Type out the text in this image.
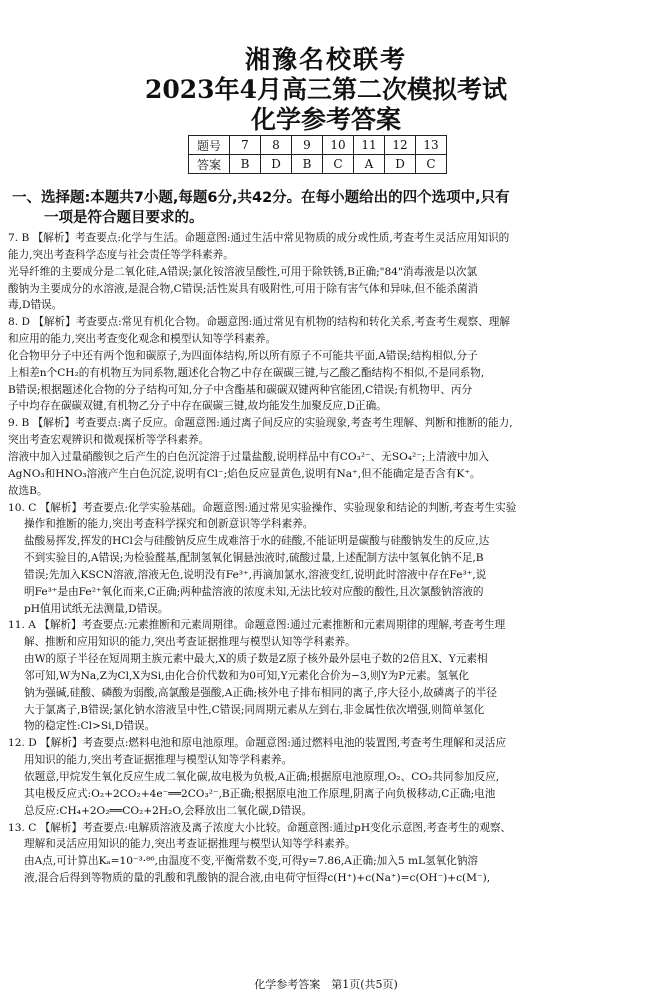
湘豫名校联考
2023年4月高三第二次模拟考试
化学参考答案
题号	7	8	9	10	11	12	13
答案	B	D	B	C	A	D	C
一、选择题:本题共7小题,每题6分,共42分。在每小题给出的四个选项中,只有
一项是符合题目要求的。
7. B 【解析】考查要点:化学与生活。命题意图:通过生活中常见物质的成分或性质,考查考生灵活应用知识的
能力,突出考查科学态度与社会责任等学科素养。
光导纤维的主要成分是二氧化硅,A错误;氯化铵溶液呈酸性,可用于除铁锈,B正确;"84"消毒液是以次氯
酸钠为主要成分的水溶液,是混合物,C错误;活性炭具有吸附性,可用于除有害气体和异味,但不能杀菌消
毒,D错误。
8. D 【解析】考查要点:常见有机化合物。命题意图:通过常见有机物的结构和转化关系,考查考生观察、理解
和应用的能力,突出考查变化观念和模型认知等学科素养。
化合物甲分子中还有两个饱和碳原子,为四面体结构,所以所有原子不可能共平面,A错误;结构相似,分子
上相差n个CH₂的有机物互为同系物,题述化合物乙中存在碳碳三键,与乙酸乙酯结构不相似,不是同系物,
B错误;根据题述化合物的分子结构可知,分子中含酯基和碳碳双键两种官能团,C错误;有机物甲、丙分
子中均存在碳碳双键,有机物乙分子中存在碳碳三键,故均能发生加聚反应,D正确。
9. B 【解析】考查要点:离子反应。命题意图:通过离子间反应的实验现象,考查考生理解、判断和推断的能力,
突出考查宏观辨识和微观探析等学科素养。
溶液中加入过量硝酸钡之后产生的白色沉淀溶于过量盐酸,说明样品中有CO₃²⁻、无SO₄²⁻;上清液中加入
AgNO₃和HNO₃溶液产生白色沉淀,说明有Cl⁻;焰色反应显黄色,说明有Na⁺,但不能确定是否含有K⁺。
故选B。
10. C 【解析】考查要点:化学实验基础。命题意图:通过常见实验操作、实验现象和结论的判断,考查考生实验
操作和推断的能力,突出考查科学探究和创新意识等学科素养。
盐酸易挥发,挥发的HCl会与硅酸钠反应生成难溶于水的硅酸,不能证明是碳酸与硅酸钠发生的反应,达
不到实验目的,A错误;为检验醛基,配制氢氧化铜悬浊液时,硫酸过量,上述配制方法中氢氧化钠不足,B
错误;先加入KSCN溶液,溶液无色,说明没有Fe³⁺,再滴加氯水,溶液变红,说明此时溶液中存在Fe³⁺,说
明Fe³⁺是由Fe²⁺氧化而来,C正确;两种盐溶液的浓度未知,无法比较对应酸的酸性,且次氯酸钠溶液的
pH值用试纸无法测量,D错误。
11. A 【解析】考查要点:元素推断和元素周期律。命题意图:通过元素推断和元素周期律的理解,考查考生理
解、推断和应用知识的能力,突出考查证据推理与模型认知等学科素养。
由W的原子半径在短周期主族元素中最大,X的质子数是Z原子核外最外层电子数的2倍且X、Y元素相
邻可知,W为Na,Z为Cl,X为Si,由化合价代数和为0可知,Y元素化合价为−3,则Y为P元素。氢氧化
钠为强碱,硅酸、磷酸为弱酸,高氯酸是强酸,A正确;核外电子排布相同的离子,序大径小,故磷离子的半径
大于氯离子,B错误;氯化钠水溶液呈中性,C错误;同周期元素从左到右,非金属性依次增强,则简单氢化
物的稳定性:Cl>Si,D错误。
12. D 【解析】考查要点:燃料电池和原电池原理。命题意图:通过燃料电池的装置图,考查考生理解和灵活应
用知识的能力,突出考查证据推理与模型认知等学科素养。
依题意,甲烷发生氧化反应生成二氧化碳,故电极为负极,A正确;根据原电池原理,O₂、CO₂共同参加反应,
其电极反应式:O₂+2CO₂+4e⁻══2CO₃²⁻,B正确;根据原电池工作原理,阴离子向负极移动,C正确;电池
总反应:CH₄+2O₂══CO₂+2H₂O,会释放出二氧化碳,D错误。
13. C 【解析】考查要点:电解质溶液及离子浓度大小比较。命题意图:通过pH变化示意图,考查考生的观察、
理解和灵活应用知识的能力,突出考查证据推理与模型认知等学科素养。
由A点,可计算出Kₐ=10⁻³·⁸⁶,由温度不变,平衡常数不变,可得y=7.86,A正确;加入5 mL氢氧化钠溶
液,混合后得到等物质的量的乳酸和乳酸钠的混合液,由电荷守恒得c(H⁺)+c(Na⁺)=c(OH⁻)+c(M⁻),
化学参考答案　第1页(共5页)
